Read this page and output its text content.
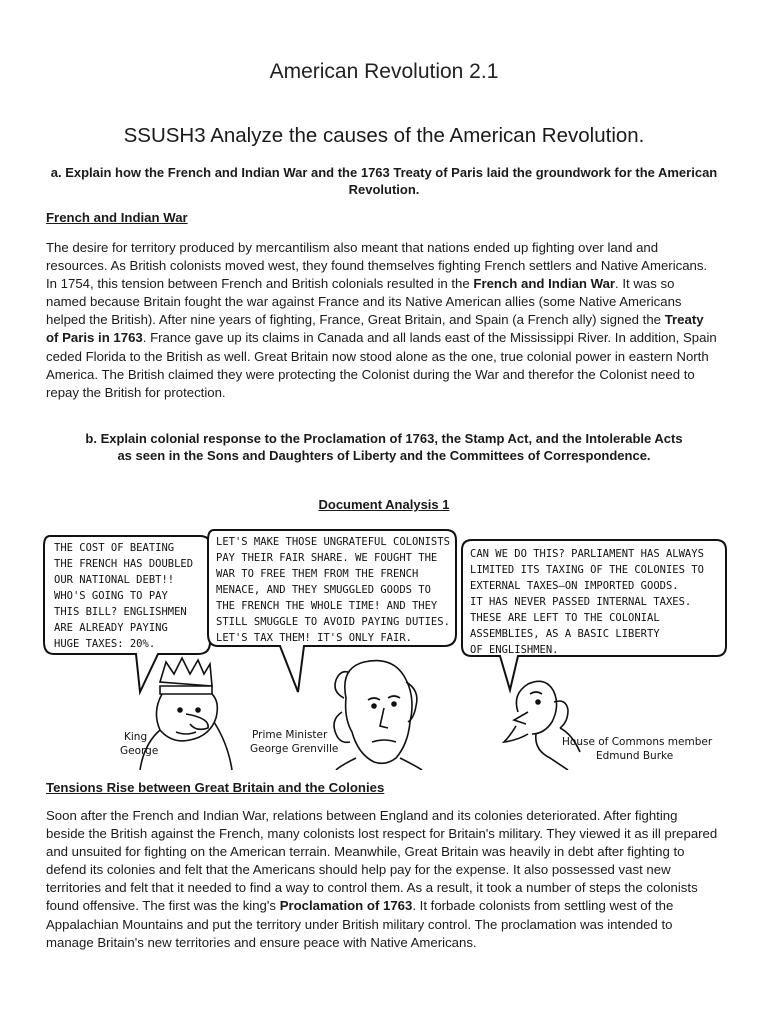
American Revolution 2.1
SSUSH3 Analyze the causes of the American Revolution.

a. Explain how the French and Indian War and the 1763 Treaty of Paris laid the groundwork for the American Revolution.

French and Indian War

The desire for territory produced by mercantilism also meant that nations ended up fighting over land and resources. As British colonists moved west, they found themselves fighting French settlers and Native Americans. In 1754, this tension between French and British colonials resulted in the French and Indian War. It was so named because Britain fought the war against France and its Native American allies (some Native Americans helped the British). After nine years of fighting, France, Great Britain, and Spain (a French ally) signed the Treaty of Paris in 1763. France gave up its claims in Canada and all lands east of the Mississippi River. In addition, Spain ceded Florida to the British as well. Great Britain now stood alone as the one, true colonial power in eastern North America. The British claimed they were protecting the Colonist during the War and therefor the Colonist need to repay the British for protection.

b. Explain colonial response to the Proclamation of 1763, the Stamp Act, and the Intolerable Acts as seen in the Sons and Daughters of Liberty and the Committees of Correspondence.

Document Analysis 1

THE COST OF BEATING THE FRENCH HAS DOUBLED OUR NATIONAL DEBT!! WHO'S GOING TO PAY THIS BILL? ENGLISHMEN ARE ALREADY PAYING HUGE TAXES: 20%.
LET'S MAKE THOSE UNGRATEFUL COLONISTS PAY THEIR FAIR SHARE. WE FOUGHT THE WAR TO FREE THEM FROM THE FRENCH MENACE, AND THEY SMUGGLED GOODS TO THE FRENCH THE WHOLE TIME! AND THEY STILL SMUGGLE TO AVOID PAYING DUTIES. LET'S TAX THEM! IT'S ONLY FAIR.
CAN WE DO THIS? PARLIAMENT HAS ALWAYS LIMITED ITS TAXING OF THE COLONIES TO EXTERNAL TAXES—ON IMPORTED GOODS. IT HAS NEVER PASSED INTERNAL TAXES. THESE ARE LEFT TO THE COLONIAL ASSEMBLIES, AS A BASIC LIBERTY OF ENGLISHMEN.
King George
Prime Minister George Grenville
House of Commons member Edmund Burke

Tensions Rise between Great Britain and the Colonies

Soon after the French and Indian War, relations between England and its colonies deteriorated. After fighting beside the British against the French, many colonists lost respect for Britain's military. They viewed it as ill prepared and unsuited for fighting on the American terrain. Meanwhile, Great Britain was heavily in debt after fighting to defend its colonies and felt that the Americans should help pay for the expense. It also possessed vast new territories and felt that it needed to find a way to control them. As a result, it took a number of steps the colonists found offensive. The first was the king's Proclamation of 1763. It forbade colonists from settling west of the Appalachian Mountains and put the territory under British military control. The proclamation was intended to manage Britain's new territories and ensure peace with Native Americans.
